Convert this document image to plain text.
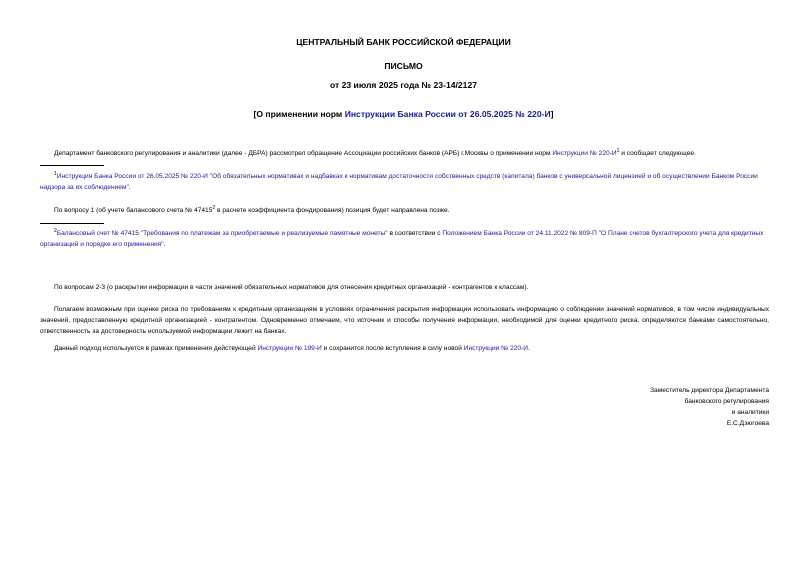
ЦЕНТРАЛЬНЫЙ БАНК РОССИЙСКОЙ ФЕДЕРАЦИИ
ПИСЬМО
от 23 июля 2025 года № 23-14/2127
[О применении норм Инструкции Банка России от 26.05.2025 № 220-И]
Департамент банковского регулирования и аналитики (далее - ДБРА) рассмотрел обращение Ассоциации российских банков (АРБ) г.Москвы о применении норм Инструкции № $220-И^1$ и сообщает следующее.
$^1$Инструкция Банка России от 26.05.2025 № 220-И "Об обязательных нормативах и надбавках к нормативам достаточности собственных средств (капитала) банков с универсальной лицензией и об осуществлении Банком России надзора за их соблюдением".
По вопросу 1 (об учете балансового счета № 47415$^2$ в расчете коэффициента фондирования) позиция будет направлена позже.
$^2$Балансовый счет № 47415 "Требования по платежам за приобретаемые и реализуемые памятные монеты" в соответствии с Положением Банка России от 24.11.2022 № 809-П "О Плане счетов бухгалтерского учета для кредитных организаций и порядке его применения".
По вопросам 2-3 (о раскрытии информации в части значений обязательных нормативов для отнесения кредитных организаций - контрагентов к классам).
Полагаем возможным при оценке риска по требованиям к кредитным организациям в условиях ограничения раскрытия информации использовать информацию о соблюдении значений нормативов, в том числе индивидуальных значений, предоставленную кредитной организацией - контрагентом. Одновременно отмечаем, что источник и способы получения информации, необходимой для оценки кредитного риска, определяются банками самостоятельно, ответственность за достоверность используемой информации лежит на банках.
Данный подход используется в рамках применения действующей Инструкции № 199-И и сохранится после вступления в силу новой Инструкции № 220-И.
Заместитель директора Департамента
банковского регулирования
и аналитики
Е.С.Дзюгоева
